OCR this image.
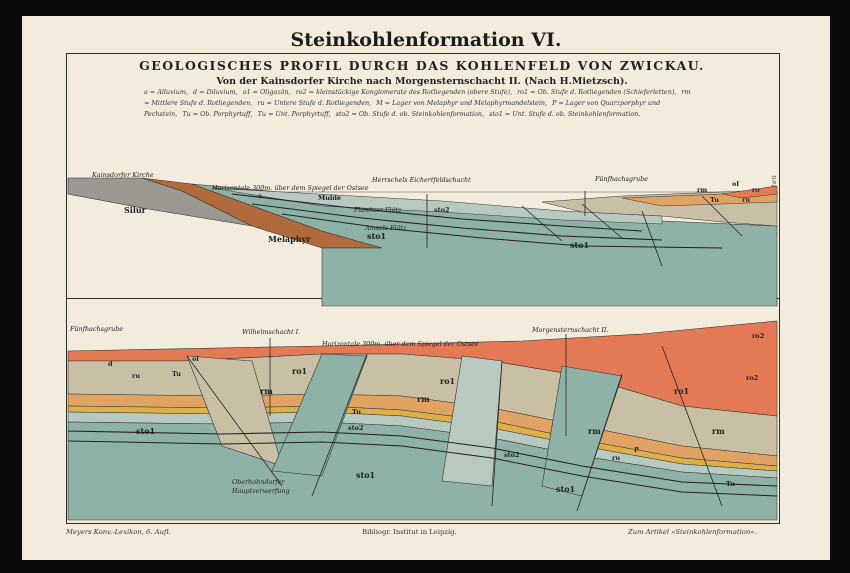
Steinkohlenformation VI.
GEOLOGISCHES PROFIL DURCH DAS KOHLENFELD VON ZWICKAU.
Von der Kainsdorfer Kirche nach Morgensternschacht II. (Nach H.Mietzsch).
a = Alluvium, d = Diluvium, o1 = Oligozän, ro2 = kleinstückige Konglomerate des Rotliegenden (obere Stufe), ro1 = Ob. Stufe d. Rotliegenden (Schieferletten), rm = Mittlere Stufe d. Rotliegenden, ru = Untere Stufe d. Rotliegenden, M = Lager von Melaphyr und Melaphyrmandelstein, P = Lager von Quarzporphyr und Pechstein, Tu = Ob. Porphyrtuff, Tu = Unt. Porphyrtuff, sto2 = Ob. Stufe d. ob. Steinkohlenformation, sto1 = Unt. Stufe d. ob. Steinkohlenformation.
Kainsdorfer Kirche
Herrschels Eichertfeldschacht	Fünfhachsgrube
Horizontale 300m. über dem Spiegel der Ostsee
Silur
Melaphyr
Mulde
Planitzer Flötz
Amsels Flötz
sto1
sto1
sto2
rm
ru
Tu
ol
ro
a
Fünfhachsgrube	Wilhelmschacht I.
Horizontale 300m. über dem Spiegel der Ostsee
Morgensternschacht II.
Oberhohndorfer
Hauptverwerfung
ro1
ro1
ro1
ro2
ro2
rm
rm
rm	rm
ru
ru
Tu
Tu
Tu
sto1
sto1
sto1
sto2
sto2
ol
d
P
Meyers Konv.-Lexikon, 6. Aufl.	Bibliogr. Institut in Leipzig.	Zum Artikel »Steinkohlenformation«.
